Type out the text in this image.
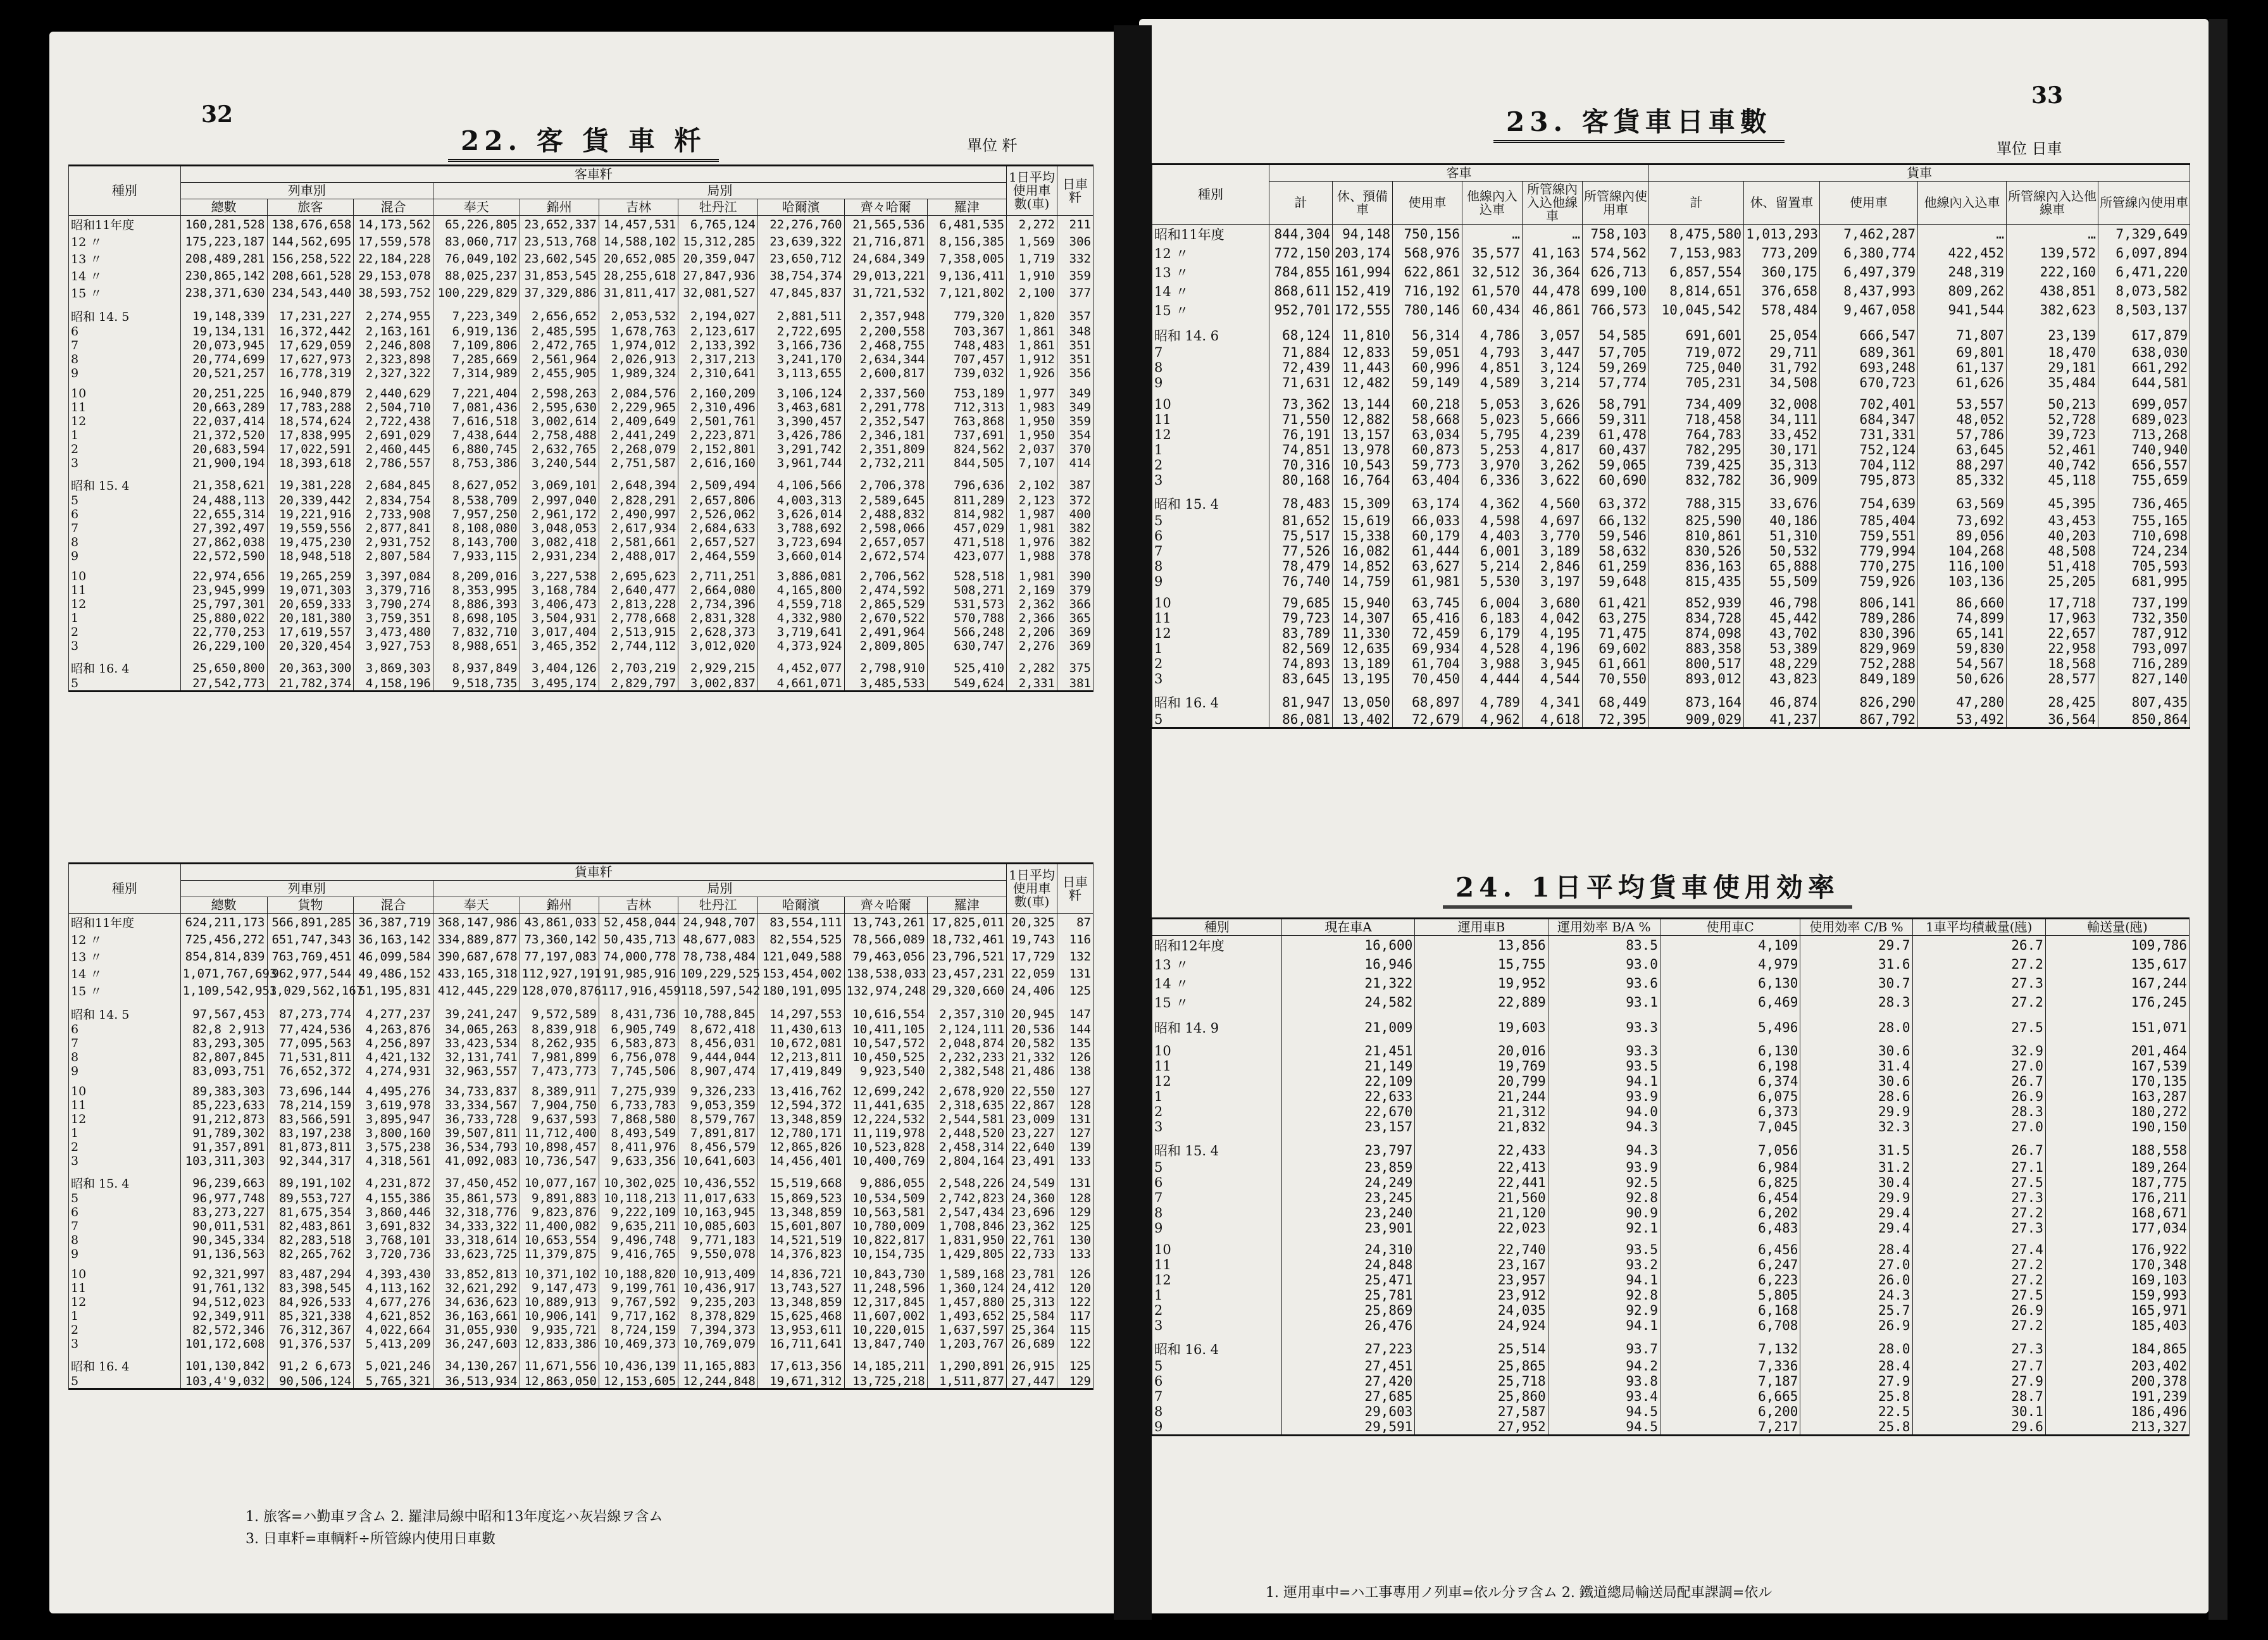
32
22. 客 貨 車 粁	單位 粁
種別	客車粁										1日平均使用車數(車)	日車粁
	列車別			局別								
	總數	旅客	混合	奉天	錦州	吉林	牡丹江	哈爾濱	齊々哈爾	羅津		
昭和11年度	160,281,528	138,676,658	14,173,562	65,226,805	23,652,337	14,457,531	6,765,124	22,276,760	21,565,536	6,481,535	2,272	211
12 〃	175,223,187	144,562,695	17,559,578	83,060,717	23,513,768	14,588,102	15,312,285	23,639,322	21,716,871	8,156,385	1,569	306
13 〃	208,489,281	156,258,522	22,184,228	76,049,102	23,602,545	20,652,085	20,359,047	23,650,712	24,684,349	7,358,005	1,719	332
14 〃	230,865,142	208,661,528	29,153,078	88,025,237	31,853,545	28,255,618	27,847,936	38,754,374	29,013,221	9,136,411	1,910	359
15 〃	238,371,630	234,543,440	38,593,752	100,229,829	37,329,886	31,811,417	32,081,527	47,845,837	31,721,532	7,121,802	2,100	377

昭和 14. 5	19,148,339	17,231,227	2,274,955	7,223,349	2,656,652	2,053,532	2,194,027	2,881,511	2,357,948	779,320	1,820	357
6	19,134,131	16,372,442	2,163,161	6,919,136	2,485,595	1,678,763	2,123,617	2,722,695	2,200,558	703,367	1,861	348
7	20,073,945	17,629,059	2,246,808	7,109,806	2,472,765	1,974,012	2,133,392	3,166,736	2,468,755	748,483	1,861	351
8	20,774,699	17,627,973	2,323,898	7,285,669	2,561,964	2,026,913	2,317,213	3,241,170	2,634,344	707,457	1,912	351
9	20,521,257	16,778,319	2,327,322	7,314,989	2,455,905	1,989,324	2,310,641	3,113,655	2,600,817	739,032	1,926	356

10	20,251,225	16,940,879	2,440,629	7,221,404	2,598,263	2,084,576	2,160,209	3,106,124	2,337,560	753,189	1,977	349
11	20,663,289	17,783,288	2,504,710	7,081,436	2,595,630	2,229,965	2,310,496	3,463,681	2,291,778	712,313	1,983	349
12	22,037,414	18,574,624	2,722,438	7,616,518	3,002,614	2,409,649	2,501,761	3,390,457	2,352,547	763,868	1,950	359
1	21,372,520	17,838,995	2,691,029	7,438,644	2,758,488	2,441,249	2,223,871	3,426,786	2,346,181	737,691	1,950	354
2	20,683,594	17,022,591	2,460,445	6,880,745	2,632,765	2,268,079	2,152,801	3,291,742	2,351,809	824,562	2,037	370
3	21,900,194	18,393,618	2,786,557	8,753,386	3,240,544	2,751,587	2,616,160	3,961,744	2,732,211	844,505	7,107	414

昭和 15. 4	21,358,621	19,381,228	2,684,845	8,627,052	3,069,101	2,648,394	2,509,494	4,106,566	2,706,378	796,636	2,102	387
5	24,488,113	20,339,442	2,834,754	8,538,709	2,997,040	2,828,291	2,657,806	4,003,313	2,589,645	811,289	2,123	372
6	22,655,314	19,221,916	2,733,908	7,957,250	2,961,172	2,490,997	2,526,062	3,626,014	2,488,832	814,982	1,987	400
7	27,392,497	19,559,556	2,877,841	8,108,080	3,048,053	2,617,934	2,684,633	3,788,692	2,598,066	457,029	1,981	382
8	27,862,038	19,475,230	2,931,752	8,143,700	3,082,418	2,581,661	2,657,527	3,723,694	2,657,057	471,518	1,976	382
9	22,572,590	18,948,518	2,807,584	7,933,115	2,931,234	2,488,017	2,464,559	3,660,014	2,672,574	423,077	1,988	378

10	22,974,656	19,265,259	3,397,084	8,209,016	3,227,538	2,695,623	2,711,251	3,886,081	2,706,562	528,518	1,981	390
11	23,945,999	19,071,303	3,379,716	8,353,995	3,168,784	2,640,477	2,664,080	4,165,800	2,474,592	508,271	2,169	379
12	25,797,301	20,659,333	3,790,274	8,886,393	3,406,473	2,813,228	2,734,396	4,559,718	2,865,529	531,573	2,362	366
1	25,880,022	20,181,380	3,759,351	8,698,105	3,504,931	2,778,668	2,831,328	4,332,980	2,670,522	570,788	2,366	365
2	22,770,253	17,619,557	3,473,480	7,832,710	3,017,404	2,513,915	2,628,373	3,719,641	2,491,964	566,248	2,206	369
3	26,229,100	20,320,454	3,927,753	8,988,651	3,465,352	2,744,112	3,012,020	4,373,924	2,809,805	630,747	2,276	369

昭和 16. 4	25,650,800	20,363,300	3,869,303	8,937,849	3,404,126	2,703,219	2,929,215	4,452,077	2,798,910	525,410	2,282	375
5	27,542,773	21,782,374	4,158,196	9,518,735	3,495,174	2,829,797	3,002,837	4,661,071	3,485,533	549,624	2,331	381
種別	貨車粁										1日平均使用車數(車)	日車粁
	列車別			局別								
	總數	貨物	混合	奉天	錦州	吉林	牡丹江	哈爾濱	齊々哈爾	羅津		
昭和11年度	624,211,173	566,891,285	36,387,719	368,147,986	43,861,033	52,458,044	24,948,707	83,554,111	13,743,261	17,825,011	20,325	87
12 〃	725,456,272	651,747,343	36,163,142	334,889,877	73,360,142	50,435,713	48,677,083	82,554,525	78,566,089	18,732,461	19,743	116
13 〃	854,814,839	763,769,451	46,099,584	390,687,678	77,197,083	74,000,778	78,738,484	121,049,588	79,463,056	23,796,521	17,729	132
14 〃	1,071,767,693	962,977,544	49,486,152	433,165,318	112,927,191	91,985,916	109,229,525	153,454,002	138,538,033	23,457,231	22,059	131
15 〃	1,109,542,953	1,029,562,167	51,195,831	412,445,229	128,070,876	117,916,459	118,597,542	180,191,095	132,974,248	29,320,660	24,406	125

昭和 14. 5	97,567,453	87,273,774	4,277,237	39,241,247	9,572,589	8,431,736	10,788,845	14,297,553	10,616,554	2,357,310	20,945	147
6	82,8 2,913	77,424,536	4,263,876	34,065,263	8,839,918	6,905,749	8,672,418	11,430,613	10,411,105	2,124,111	20,536	144
7	83,293,305	77,095,563	4,256,897	33,423,534	8,262,935	6,583,873	8,456,031	10,672,081	10,547,572	2,048,874	20,582	135
8	82,807,845	71,531,811	4,421,132	32,131,741	7,981,899	6,756,078	9,444,044	12,213,811	10,450,525	2,232,233	21,332	126
9	83,093,751	76,652,372	4,274,931	32,963,557	7,473,773	7,745,506	8,907,474	17,419,849	9,923,540	2,382,548	21,486	138

10	89,383,303	73,696,144	4,495,276	34,733,837	8,389,911	7,275,939	9,326,233	13,416,762	12,699,242	2,678,920	22,550	127
11	85,223,633	78,214,159	3,619,978	33,334,567	7,904,750	6,733,783	9,053,359	12,594,372	11,441,635	2,318,635	22,867	128
12	91,212,873	83,566,591	3,895,947	36,733,728	9,637,593	7,868,580	8,579,767	13,348,859	12,224,532	2,544,581	23,009	131
1	91,789,302	83,197,238	3,800,160	39,507,811	11,712,400	8,493,549	7,891,817	12,780,171	11,119,978	2,448,520	23,227	127
2	91,357,891	81,873,811	3,575,238	36,534,793	10,898,457	8,411,976	8,456,579	12,865,826	10,523,828	2,458,314	22,640	139
3	103,311,303	92,344,317	4,318,561	41,092,083	10,736,547	9,633,356	10,641,603	14,456,401	10,400,769	2,804,164	23,491	133

昭和 15. 4	96,239,663	89,191,102	4,231,872	37,450,452	10,077,167	10,302,025	10,436,552	15,519,668	9,886,055	2,548,226	24,549	131
5	96,977,748	89,553,727	4,155,386	35,861,573	9,891,883	10,118,213	11,017,633	15,869,523	10,534,509	2,742,823	24,360	128
6	83,273,227	81,675,354	3,860,446	32,318,776	9,823,876	9,222,109	10,163,945	13,348,859	10,563,581	2,547,434	23,696	129
7	90,011,531	82,483,861	3,691,832	34,333,322	11,400,082	9,635,211	10,085,603	15,601,807	10,780,009	1,708,846	23,362	125
8	90,345,334	82,283,518	3,768,101	33,318,614	10,653,554	9,496,748	9,771,183	14,521,519	10,822,817	1,831,950	22,761	130
9	91,136,563	82,265,762	3,720,736	33,623,725	11,379,875	9,416,765	9,550,078	14,376,823	10,154,735	1,429,805	22,733	133

10	92,321,997	83,487,294	4,393,430	33,852,813	10,371,102	10,188,820	10,913,409	14,836,721	10,843,730	1,589,168	23,781	126
11	91,761,132	83,398,545	4,113,162	32,621,292	9,147,473	9,199,761	10,436,917	13,743,527	11,248,596	1,360,124	24,412	120
12	94,512,023	84,926,533	4,677,276	34,636,623	10,889,913	9,767,592	9,235,203	13,348,859	12,317,845	1,457,880	25,313	122
1	92,349,911	85,321,338	4,621,852	36,163,661	10,906,141	9,717,162	8,378,829	15,625,468	11,607,002	1,493,652	25,584	117
2	82,572,346	76,312,367	4,022,664	31,055,930	9,935,721	8,724,159	7,394,373	13,953,611	10,220,015	1,637,597	25,364	115
3	101,172,608	91,376,537	5,413,209	36,247,603	12,833,386	10,469,373	10,769,079	16,711,641	13,847,740	1,203,767	26,689	122

昭和 16. 4	101,130,842	91,2 6,673	5,021,246	34,130,267	11,671,556	10,436,139	11,165,883	17,613,356	14,185,211	1,290,891	26,915	125
5	103,4'9,032	90,506,124	5,765,321	36,513,934	12,863,050	12,153,605	12,244,848	19,671,312	13,725,218	1,511,877	27,447	129
1. 旅客=ハ勤車ヲ含ム 2. 羅津局線中昭和13年度迄ハ灰岩線ヲ含ム
3. 日車粁=車輌粁÷所管線内使用日車數
33
23. 客貨車日車數
單位 日車
種別	客車						貨車					
	計	休、預備車	使用車	他線內入込車	所管線內入込他線車	所管線內使用車	計	休、留置車	使用車	他線內入込車	所管線內入込他線車	所管線內使用車
昭和11年度	844,304	94,148	750,156	…	…	758,103	8,475,580	1,013,293	7,462,287	…	…	7,329,649
12 〃	772,150	203,174	568,976	35,577	41,163	574,562	7,153,983	773,209	6,380,774	422,452	139,572	6,097,894
13 〃	784,855	161,994	622,861	32,512	36,364	626,713	6,857,554	360,175	6,497,379	248,319	222,160	6,471,220
14 〃	868,611	152,419	716,192	61,570	44,478	699,100	8,814,651	376,658	8,437,993	809,262	438,851	8,073,582
15 〃	952,701	172,555	780,146	60,434	46,861	766,573	10,045,542	578,484	9,467,058	941,544	382,623	8,503,137

昭和 14. 6	68,124	11,810	56,314	4,786	3,057	54,585	691,601	25,054	666,547	71,807	23,139	617,879
7	71,884	12,833	59,051	4,793	3,447	57,705	719,072	29,711	689,361	69,801	18,470	638,030
8	72,439	11,443	60,996	4,851	3,124	59,269	725,040	31,792	693,248	61,137	29,181	661,292
9	71,631	12,482	59,149	4,589	3,214	57,774	705,231	34,508	670,723	61,626	35,484	644,581

10	73,362	13,144	60,218	5,053	3,626	58,791	734,409	32,008	702,401	53,557	50,213	699,057
11	71,550	12,882	58,668	5,023	5,666	59,311	718,458	34,111	684,347	48,052	52,728	689,023
12	76,191	13,157	63,034	5,795	4,239	61,478	764,783	33,452	731,331	57,786	39,723	713,268
1	74,851	13,978	60,873	5,253	4,817	60,437	782,295	30,171	752,124	63,645	52,461	740,940
2	70,316	10,543	59,773	3,970	3,262	59,065	739,425	35,313	704,112	88,297	40,742	656,557
3	80,168	16,764	63,404	6,336	3,622	60,690	832,782	36,909	795,873	85,332	45,118	755,659

昭和 15. 4	78,483	15,309	63,174	4,362	4,560	63,372	788,315	33,676	754,639	63,569	45,395	736,465
5	81,652	15,619	66,033	4,598	4,697	66,132	825,590	40,186	785,404	73,692	43,453	755,165
6	75,517	15,338	60,179	4,403	3,770	59,546	810,861	51,310	759,551	89,056	40,203	710,698
7	77,526	16,082	61,444	6,001	3,189	58,632	830,526	50,532	779,994	104,268	48,508	724,234
8	78,479	14,852	63,627	5,214	2,846	61,259	836,163	65,888	770,275	116,100	51,418	705,593
9	76,740	14,759	61,981	5,530	3,197	59,648	815,435	55,509	759,926	103,136	25,205	681,995

10	79,685	15,940	63,745	6,004	3,680	61,421	852,939	46,798	806,141	86,660	17,718	737,199
11	79,723	14,307	65,416	6,183	4,042	63,275	834,728	45,442	789,286	74,899	17,963	732,350
12	83,789	11,330	72,459	6,179	4,195	71,475	874,098	43,702	830,396	65,141	22,657	787,912
1	82,569	12,635	69,934	4,528	4,196	69,602	883,358	53,389	829,969	59,830	22,958	793,097
2	74,893	13,189	61,704	3,988	3,945	61,661	800,517	48,229	752,288	54,567	18,568	716,289
3	83,645	13,195	70,450	4,444	4,544	70,550	893,012	43,823	849,189	50,626	28,577	827,140

昭和 16. 4	81,947	13,050	68,897	4,789	4,341	68,449	873,164	46,874	826,290	47,280	28,425	807,435
5	86,081	13,402	72,679	4,962	4,618	72,395	909,029	41,237	867,792	53,492	36,564	850,864
24. 1日平均貨車使用効率
種別	現在車A	運用車B	運用効率 B/A %	使用車C	使用効率 C/B %	1車平均積載量(瓲)	輸送量(瓲)
昭和12年度	16,600	13,856	83.5	4,109	29.7	26.7	109,786
13 〃	16,946	15,755	93.0	4,979	31.6	27.2	135,617
14 〃	21,322	19,952	93.6	6,130	30.7	27.3	167,244
15 〃	24,582	22,889	93.1	6,469	28.3	27.2	176,245

昭和 14. 9	21,009	19,603	93.3	5,496	28.0	27.5	151,071

10	21,451	20,016	93.3	6,130	30.6	32.9	201,464
11	21,149	19,769	93.5	6,198	31.4	27.0	167,539
12	22,109	20,799	94.1	6,374	30.6	26.7	170,135
1	22,633	21,244	93.9	6,075	28.6	26.9	163,287
2	22,670	21,312	94.0	6,373	29.9	28.3	180,272
3	23,157	21,832	94.3	7,045	32.3	27.0	190,150

昭和 15. 4	23,797	22,433	94.3	7,056	31.5	26.7	188,558
5	23,859	22,413	93.9	6,984	31.2	27.1	189,264
6	24,249	22,441	92.5	6,825	30.4	27.5	187,775
7	23,245	21,560	92.8	6,454	29.9	27.3	176,211
8	23,240	21,120	90.9	6,202	29.4	27.2	168,671
9	23,901	22,023	92.1	6,483	29.4	27.3	177,034

10	24,310	22,740	93.5	6,456	28.4	27.4	176,922
11	24,848	23,167	93.2	6,247	27.0	27.2	170,348
12	25,471	23,957	94.1	6,223	26.0	27.2	169,103
1	25,781	23,912	92.8	5,805	24.3	27.5	159,993
2	25,869	24,035	92.9	6,168	25.7	26.9	165,971
3	26,476	24,924	94.1	6,708	26.9	27.2	185,403

昭和 16. 4	27,223	25,514	93.7	7,132	28.0	27.3	184,865
5	27,451	25,865	94.2	7,336	28.4	27.7	203,402
6	27,420	25,718	93.8	7,187	27.9	27.9	200,378
7	27,685	25,860	93.4	6,665	25.8	28.7	191,239
8	29,603	27,587	94.5	6,200	22.5	30.1	186,496
9	29,591	27,952	94.5	7,217	25.8	29.6	213,327
1. 運用車中=ハ工事專用ノ列車=依ル分ヲ含ム 2. 鐵道總局輸送局配車課調=依ル
